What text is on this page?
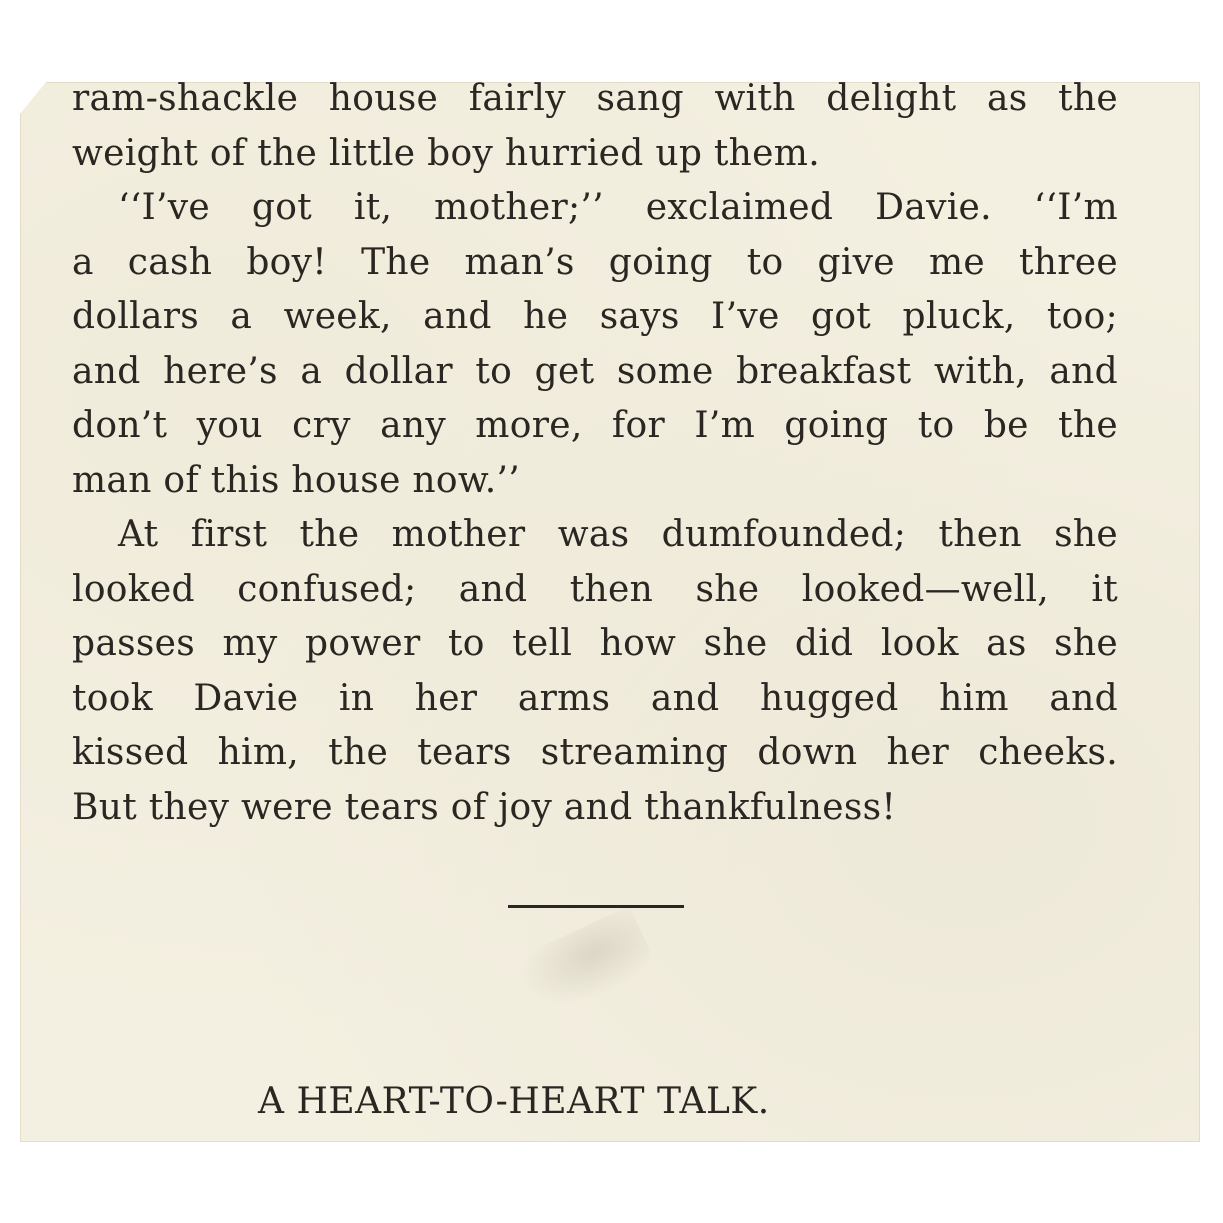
ram-shackle house fairly sang with delight as the
weight of the little boy hurried up them.
‘‘I’ve got it, mother;’’ exclaimed Davie. ‘‘I’m
a cash boy! The man’s going to give me three
dollars a week, and he says I’ve got pluck, too;
and here’s a dollar to get some breakfast with, and
don’t you cry any more, for I’m going to be the
man of this house now.’’
At first the mother was dumfounded; then she
looked confused; and then she looked—well, it
passes my power to tell how she did look as she
took Davie in her arms and hugged him and
kissed him, the tears streaming down her cheeks.
But they were tears of joy and thankfulness!
A HEART-TO-HEART TALK.
